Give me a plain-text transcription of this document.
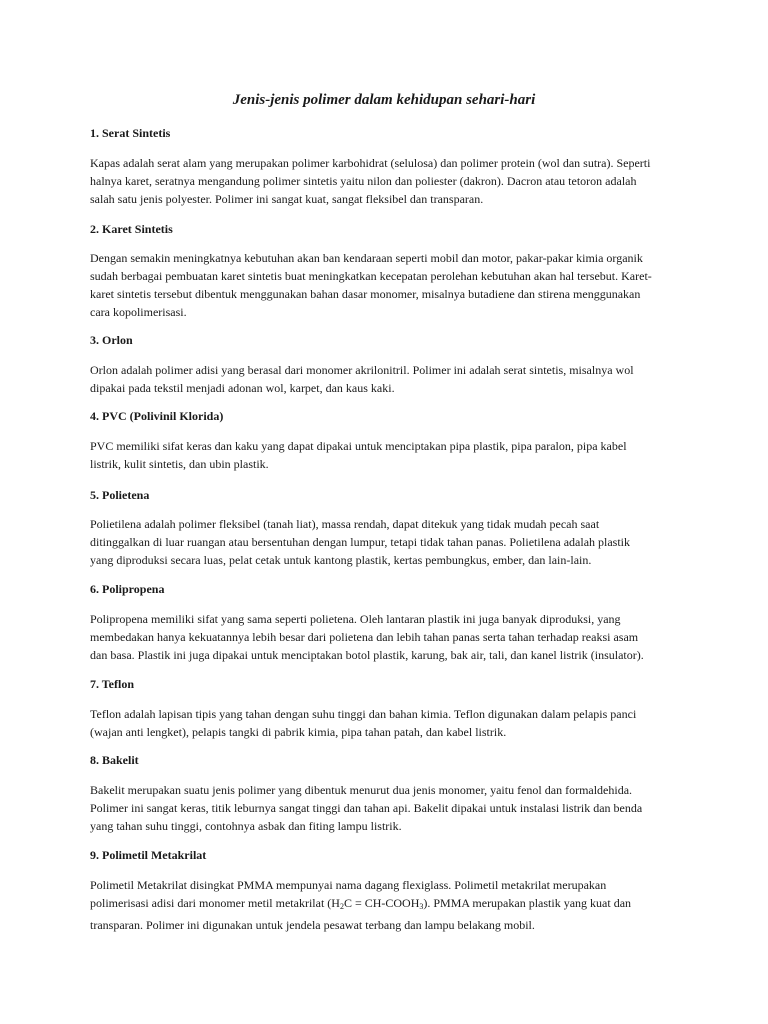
Jenis-jenis polimer dalam kehidupan sehari-hari
1. Serat Sintetis

Kapas adalah serat alam yang merupakan polimer karbohidrat (selulosa) dan polimer protein (wol dan sutra). Seperti
halnya karet, seratnya mengandung polimer sintetis yaitu nilon dan poliester (dakron). Dacron atau tetoron adalah
salah satu jenis polyester. Polimer ini sangat kuat, sangat fleksibel dan transparan.

2. Karet Sintetis

Dengan semakin meningkatnya kebutuhan akan ban kendaraan seperti mobil dan motor, pakar-pakar kimia organik
sudah berbagai pembuatan karet sintetis buat meningkatkan kecepatan perolehan kebutuhan akan hal tersebut. Karet-
karet sintetis tersebut dibentuk menggunakan bahan dasar monomer, misalnya butadiene dan stirena menggunakan
cara kopolimerisasi.

3. Orlon

Orlon adalah polimer adisi yang berasal dari monomer akrilonitril. Polimer ini adalah serat sintetis, misalnya wol
dipakai pada tekstil menjadi adonan wol, karpet, dan kaus kaki.

4. PVC (Polivinil Klorida)

PVC memiliki sifat keras dan kaku yang dapat dipakai untuk menciptakan pipa plastik, pipa paralon, pipa kabel
listrik, kulit sintetis, dan ubin plastik.

5. Polietena

Polietilena adalah polimer fleksibel (tanah liat), massa rendah, dapat ditekuk yang tidak mudah pecah saat
ditinggalkan di luar ruangan atau bersentuhan dengan lumpur, tetapi tidak tahan panas. Polietilena adalah plastik
yang diproduksi secara luas, pelat cetak untuk kantong plastik, kertas pembungkus, ember, dan lain-lain.

6. Polipropena

Polipropena memiliki sifat yang sama seperti polietena. Oleh lantaran plastik ini juga banyak diproduksi, yang
membedakan hanya kekuatannya lebih besar dari polietena dan lebih tahan panas serta tahan terhadap reaksi asam
dan basa. Plastik ini juga dipakai untuk menciptakan botol plastik, karung, bak air, tali, dan kanel listrik (insulator).

7. Teflon

Teflon adalah lapisan tipis yang tahan dengan suhu tinggi dan bahan kimia. Teflon digunakan dalam pelapis panci
(wajan anti lengket), pelapis tangki di pabrik kimia, pipa tahan patah, dan kabel listrik.

8. Bakelit

Bakelit merupakan suatu jenis polimer yang dibentuk menurut dua jenis monomer, yaitu fenol dan formaldehida.
Polimer ini sangat keras, titik leburnya sangat tinggi dan tahan api. Bakelit dipakai untuk instalasi listrik dan benda
yang tahan suhu tinggi, contohnya asbak dan fiting lampu listrik.

9. Polimetil Metakrilat

Polimetil Metakrilat disingkat PMMA mempunyai nama dagang flexiglass. Polimetil metakrilat merupakan
polimerisasi adisi dari monomer metil metakrilat ($H_2C$ = $CH-COOH_3$). PMMA merupakan plastik yang kuat dan
transparan. Polimer ini digunakan untuk jendela pesawat terbang dan lampu belakang mobil.
